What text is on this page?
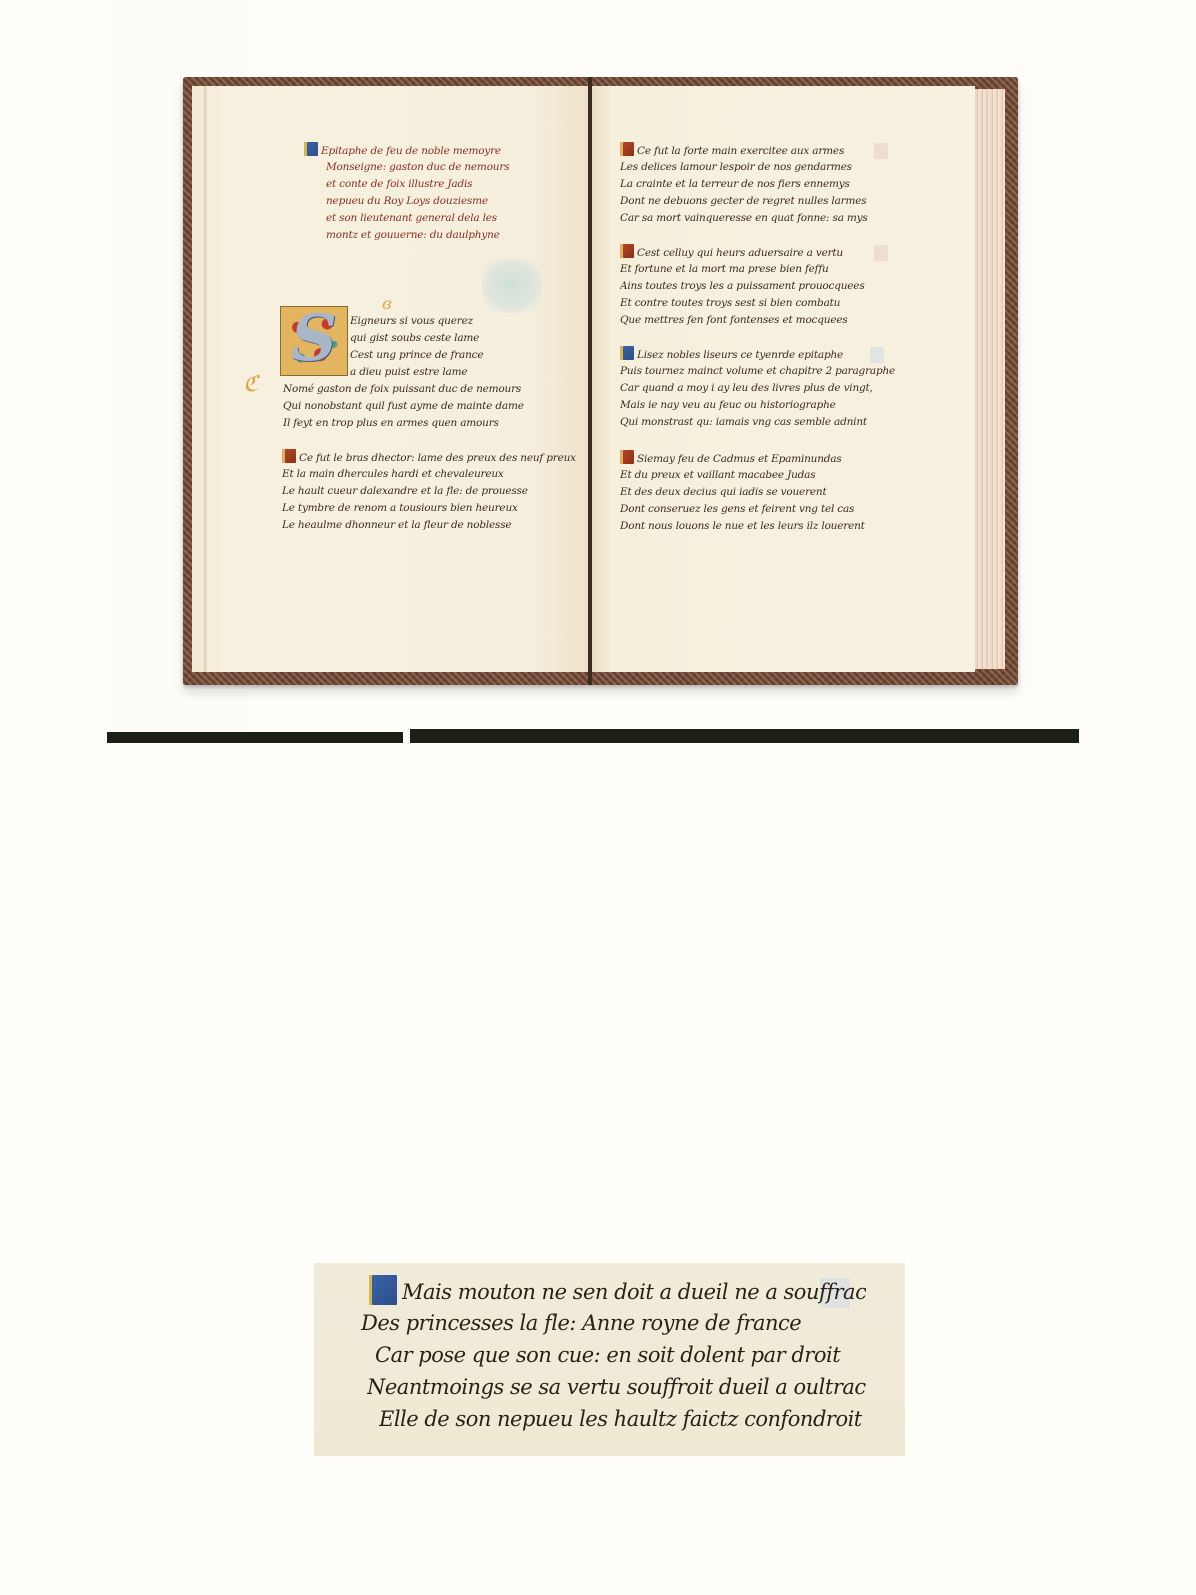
Epitaphe de feu de noble memoyre
Monseigne: gaston duc de nemours
et conte de foix illustre Jadis
nepueu du Roy Loys douziesme
et son lieutenant general dela les
montz et gouuerne: du daulphyne
S
ℭ
ɞ
Eigneurs si vous querez
qui gist soubs ceste lame
Cest ung prince de france
a dieu puist estre lame
Nomé gaston de foix puissant duc de nemours
Qui nonobstant quil fust ayme de mainte dame
Il feyt en trop plus en armes quen amours
Ce fut le bras dhector: lame des preux des neuf preux
Et la main dhercules hardi et chevaleureux
Le hault cueur dalexandre et la fle: de prouesse
Le tymbre de renom a tousiours bien heureux
Le heaulme dhonneur et la fleur de noblesse
Ce fut la forte main exercitee aux armes
Les delices lamour lespoir de nos gendarmes
La crainte et la terreur de nos fiers ennemys
Dont ne debuons gecter de regret nulles larmes
Car sa mort vainqueresse en quat fonne: sa mys
Cest celluy qui heurs aduersaire a vertu
Et fortune et la mort ma prese bien feffu
Ains toutes troys les a puissament prouocquees
Et contre toutes troys sest si bien combatu
Que mettres fen font fontenses et mocquees
Lisez nobles liseurs ce tyenrde epitaphe
Puis tournez mainct volume et chapitre 2 paragraphe
Car quand a moy i ay leu des livres plus de vingt,
Mais ie nay veu au feuc ou historiographe
Qui monstrast qu: iamais vng cas semble adnint
Siemay feu de Cadmus et Epaminundas
Et du preux et vaillant macabee Judas
Et des deux decius qui iadis se vouerent
Dont conseruez les gens et feirent vng tel cas
Dont nous louons le nue et les leurs ilz louerent
Mais mouton ne sen doit a dueil ne a souffrac
Des princesses la fle: Anne royne de france
Car pose que son cue: en soit dolent par droit
Neantmoings se sa vertu souffroit dueil a oultrac
Elle de son nepueu les haultz faictz confondroit
